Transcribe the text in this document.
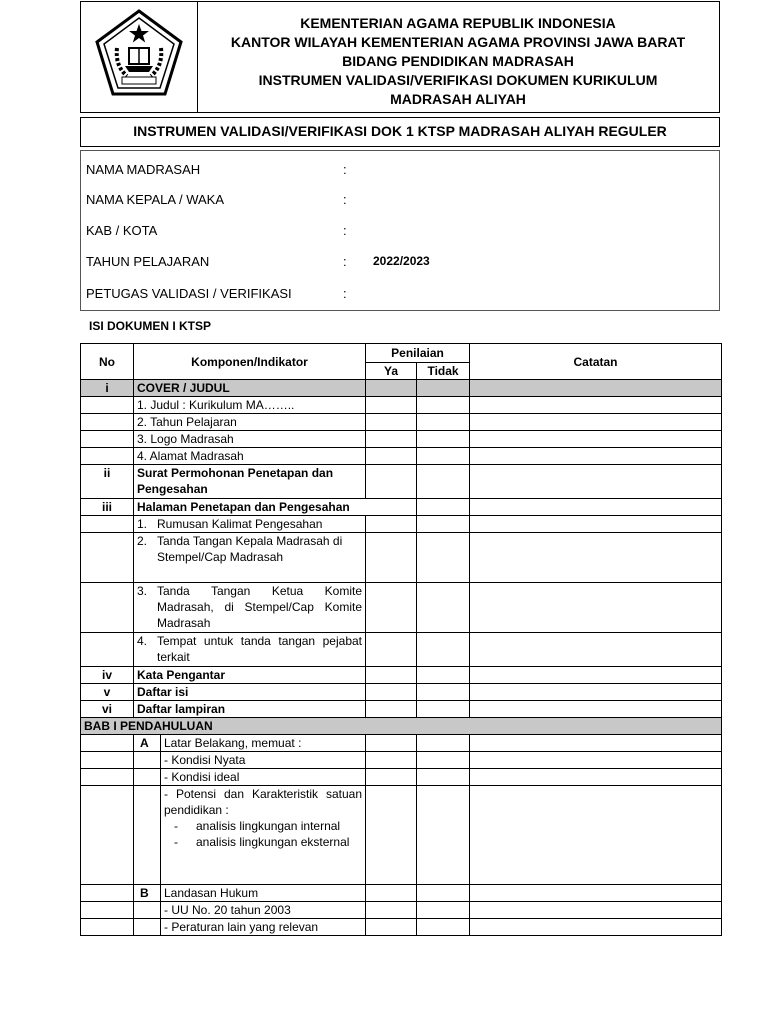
KEMENTERIAN AGAMA REPUBLIK INDONESIA
KANTOR WILAYAH KEMENTERIAN AGAMA PROVINSI JAWA BARAT
BIDANG PENDIDIKAN MADRASAH
INSTRUMEN VALIDASI/VERIFIKASI DOKUMEN KURIKULUM
MADRASAH ALIYAH
INSTRUMEN VALIDASI/VERIFIKASI DOK 1 KTSP MADRASAH ALIYAH REGULER
NAMA MADRASAH	:
NAMA KEPALA / WAKA	:
KAB / KOTA	:
TAHUN PELAJARAN	: 2022/2023
PETUGAS VALIDASI / VERIFIKASI	:
ISI DOKUMEN I KTSP
No	Komponen/Indikator		Penilaian		Catatan
			Ya	Tidak	
i	COVER / JUDUL				
	1. Judul : Kurikulum MA……..				
	2. Tahun Pelajaran				
	3. Logo Madrasah				
	4. Alamat Madrasah				
ii	Surat Permohonan Penetapan dan Pengesahan				
iii	Halaman Penetapan dan Pengesahan				

	1. Rumusan Kalimat Pengesahan				

	2. Tanda Tangan Kepala Madrasah di Stempel/Cap Madrasah				

	3. Tanda Tangan Ketua Komite Madrasah, di Stempel/Cap Komite Madrasah				

	4. Tempat untuk tanda tangan pejabat terkait				

iv	Kata Pengantar				
v	Daftar isi				
vi	Daftar lampiran				
BAB I PENDAHULUAN					
	A	Latar Belakang, memuat :			
		- Kondisi Nyata			
		- Kondisi ideal			

		- Potensi dan Karakteristik satuan pendidikan :
- analisis lingkungan internal
- analisis lingkungan eksternal			

	B	Landasan Hukum			
		- UU No. 20 tahun 2003			
		- Peraturan lain yang relevan			
